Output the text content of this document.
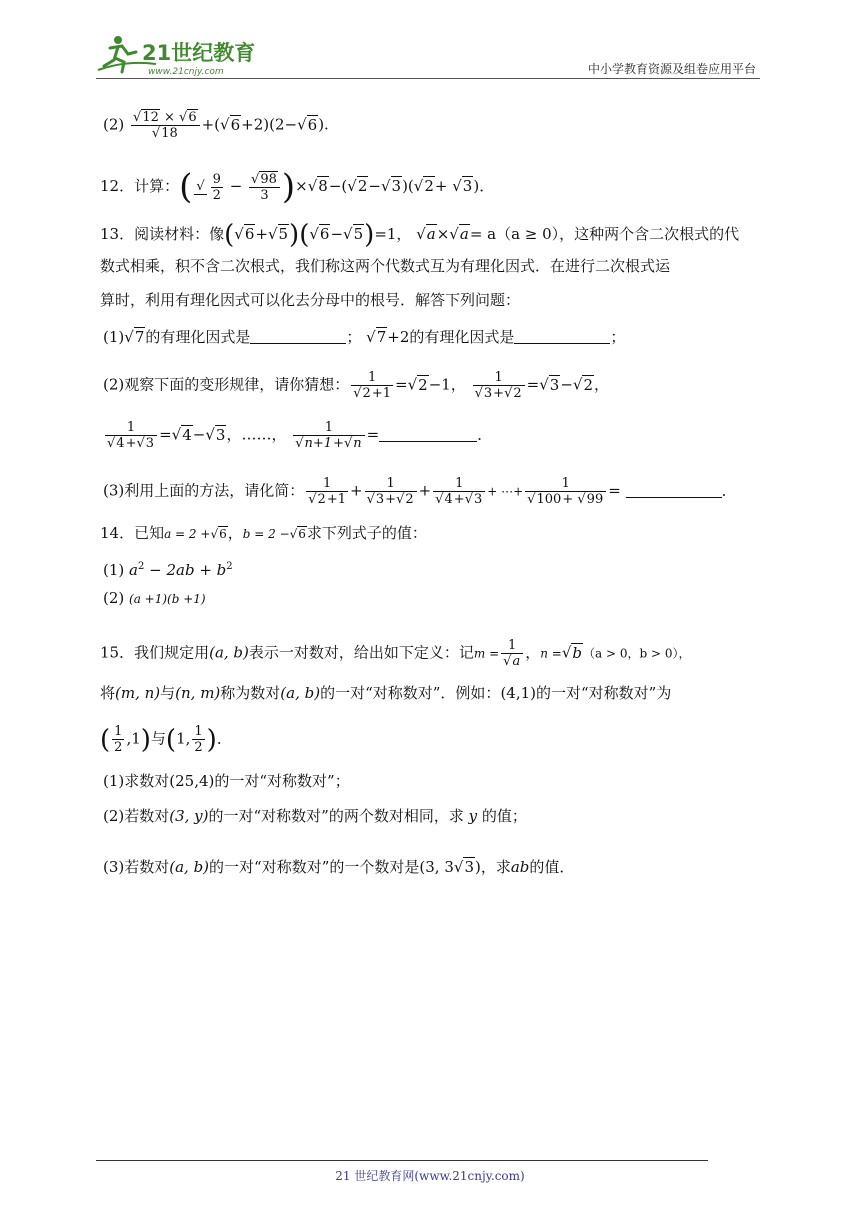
21世纪教育
www.21cnjy.com	中小学教育资源及组卷应用平台
$(2) \frac{√12 \times √6}{√18} +(√6+2)(2-√6)$.
12．计算：( √ $\frac{9}{2} - \frac{√98}{3} )\times√8-(√2-√3)(√2+ √3)$．
13．阅读材料：像(√6+√5)(√6−√5)=1， √a×√a= a（a ≥ 0），这种两个含二次根式的代
数式相乘，积不含二次根式，我们称这两个代数式互为有理化因式．在进行二次根式运
算时，利用有理化因式可以化去分母中的根号．解答下列问题：
(1)√7的有理化因式是	； √7+2的有理化因式是	；
(2)观察下面的变形规律，请你猜想： $\frac{1}{√2+1} =√2-1$， $\frac{1}{√3+√2} =√3-√2$，
$\frac{1}{√4+√3} =√4-√3$，……， $\frac{1}{√n+1+√n}$ =	．
(3)利用上面的方法，请化简： $\frac{1}{√2+1} + \frac{1}{√3+√2} + \frac{1}{√4+√3}$ + ⋯+ $\frac{1}{√100+ √99}$ =	．
14．已知a = 2 +√6，b = 2 −√6求下列式子的值：
(1) $a^2 - 2ab + b^2$
(2) (a +1)(b +1)
15．我们规定用(a, b)表示一对数对，给出如下定义：记$m = \frac{1}{√a}$ ，n =√b（a > 0，b > 0），
将(m, n)与(n, m)称为数对(a, b)的一对“对称数对”．例如：(4,1)的一对“对称数对”为
( $\frac{1}{2} ,1$)与(1, $\frac{1}{2}$ )．
(1)求数对(25,4)的一对“对称数对”；
(2)若数对(3, y)的一对“对称数对”的两个数对相同，求 y 的值；
(3)若数对(a, b)的一对“对称数对”的一个数对是(3, 3√3)，求ab的值．
21 世纪教育网(www.21cnjy.com)
